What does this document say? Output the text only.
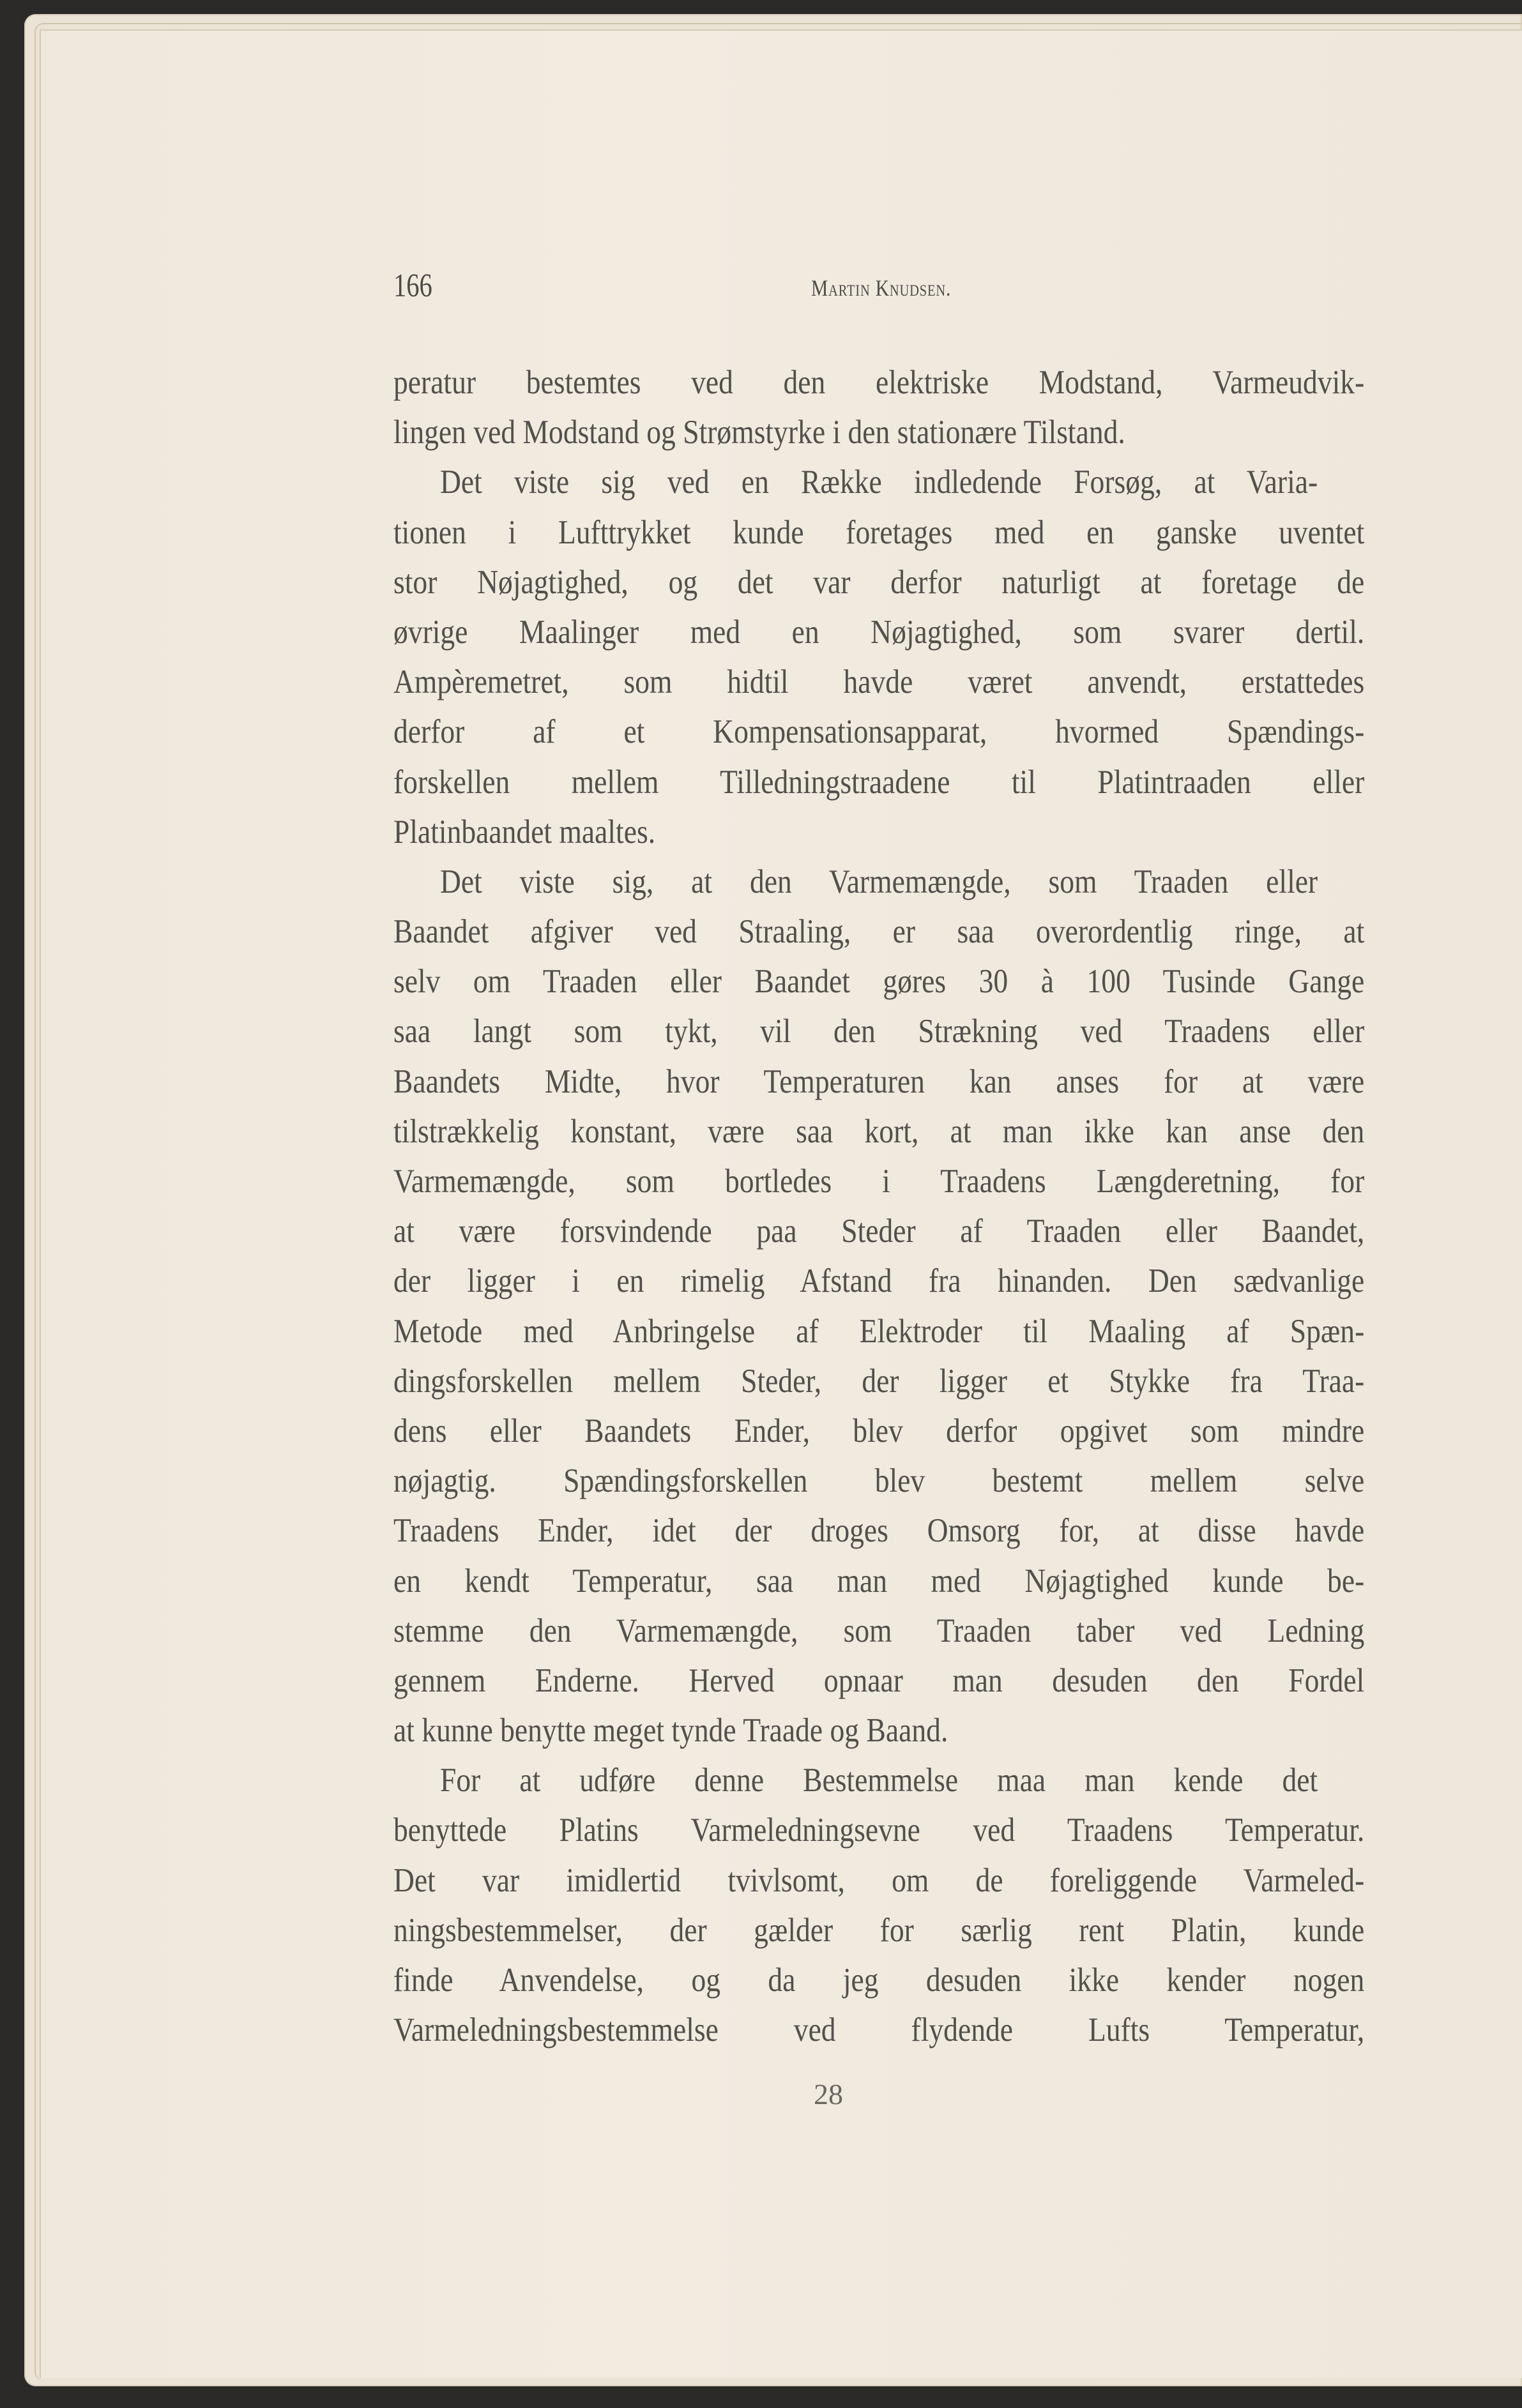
166	Martin Knudsen.
peratur bestemtes ved den elektriske Modstand, Varmeudvik-
lingen ved Modstand og Strømstyrke i den stationære Tilstand.
Det viste sig ved en Række indledende Forsøg, at Varia-
tionen i Lufttrykket kunde foretages med en ganske uventet
stor Nøjagtighed, og det var derfor naturligt at foretage de
øvrige Maalinger med en Nøjagtighed, som svarer dertil.
Ampèremetret, som hidtil havde været anvendt, erstattedes
derfor af et Kompensationsapparat, hvormed Spændings-
forskellen mellem Tilledningstraadene til Platintraaden eller
Platinbaandet maaltes.
Det viste sig, at den Varmemængde, som Traaden eller
Baandet afgiver ved Straaling, er saa overordentlig ringe, at
selv om Traaden eller Baandet gøres 30 à 100 Tusinde Gange
saa langt som tykt, vil den Strækning ved Traadens eller
Baandets Midte, hvor Temperaturen kan anses for at være
tilstrækkelig konstant, være saa kort, at man ikke kan anse den
Varmemængde, som bortledes i Traadens Længderetning, for
at være forsvindende paa Steder af Traaden eller Baandet,
der ligger i en rimelig Afstand fra hinanden. Den sædvanlige
Metode med Anbringelse af Elektroder til Maaling af Spæn-
dingsforskellen mellem Steder, der ligger et Stykke fra Traa-
dens eller Baandets Ender, blev derfor opgivet som mindre
nøjagtig. Spændingsforskellen blev bestemt mellem selve
Traadens Ender, idet der droges Omsorg for, at disse havde
en kendt Temperatur, saa man med Nøjagtighed kunde be-
stemme den Varmemængde, som Traaden taber ved Ledning
gennem Enderne. Herved opnaar man desuden den Fordel
at kunne benytte meget tynde Traade og Baand.
For at udføre denne Bestemmelse maa man kende det
benyttede Platins Varmeledningsevne ved Traadens Temperatur.
Det var imidlertid tvivlsomt, om de foreliggende Varmeled-
ningsbestemmelser, der gælder for særlig rent Platin, kunde
finde Anvendelse, og da jeg desuden ikke kender nogen
Varmeledningsbestemmelse ved flydende Lufts Temperatur,
28
